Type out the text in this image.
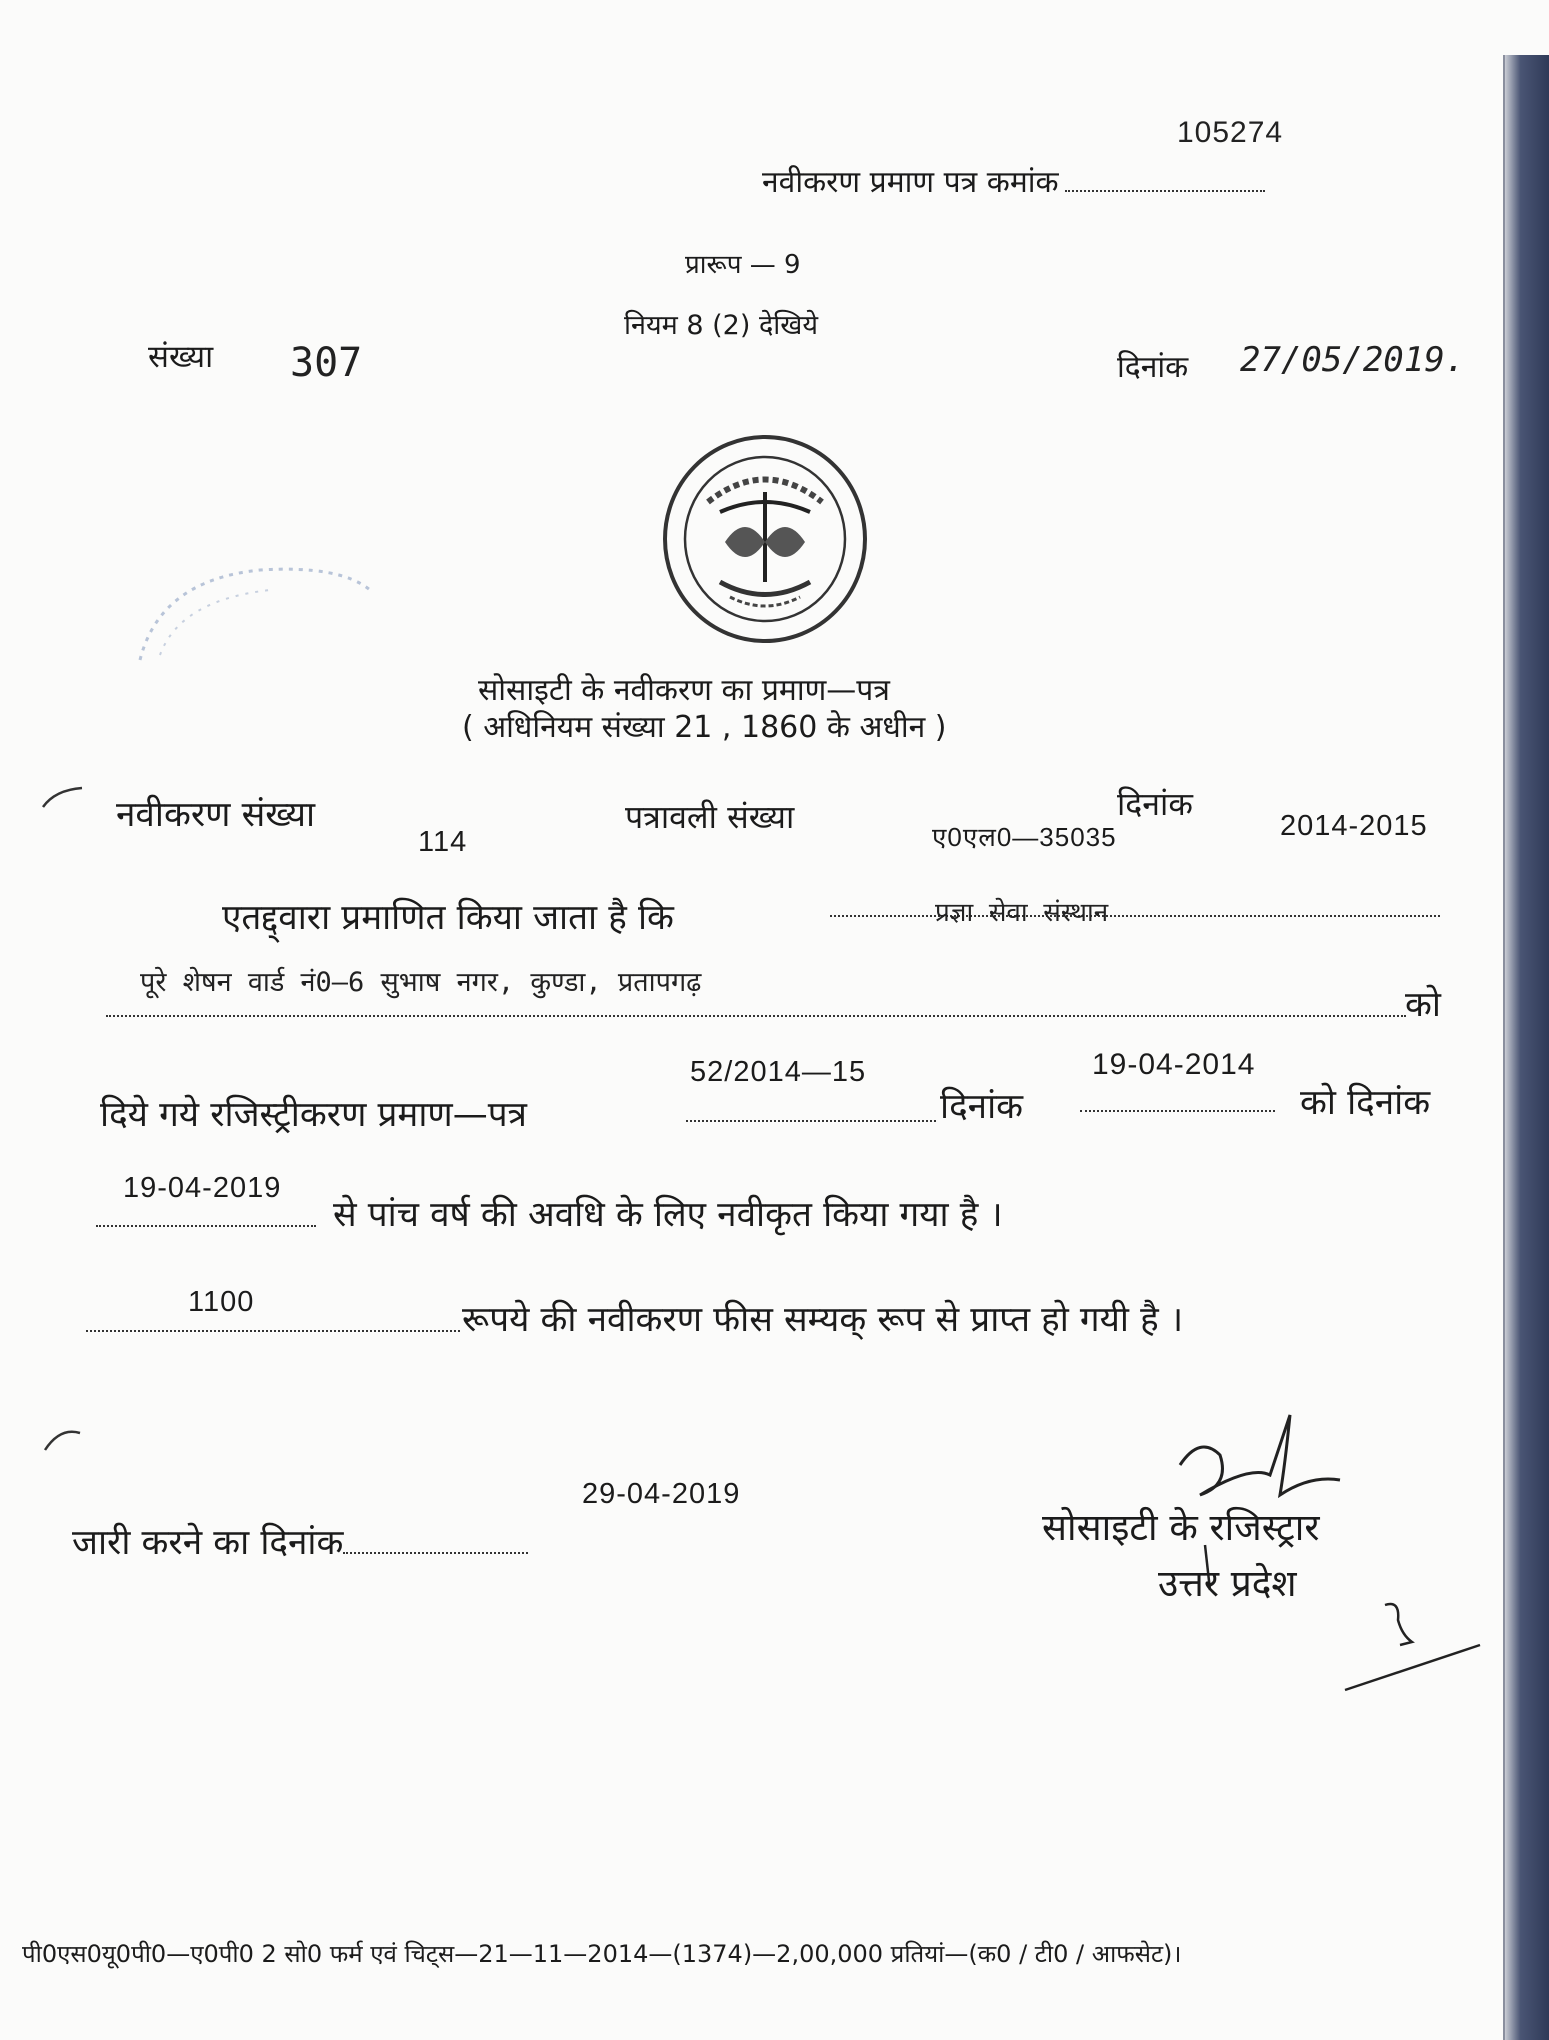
105274
नवीकरण प्रमाण पत्र कमांक
प्रारूप — 9
नियम 8 (2) देखिये
संख्या 307	दिनांक 27/05/2019.
सोसाइटी के नवीकरण का प्रमाण—पत्र
( अधिनियम संख्या 21 , 1860 के अधीन )
नवीकरण संख्या
114
पत्रावली संख्या
ए0एल0—35035
दिनांक
2014-2015
एतद्द्वारा प्रमाणित किया जाता है कि	प्रज्ञा सेवा संस्थान
पूरे शेषन वार्ड नं0—6 सुभाष नगर, कुण्डा, प्रतापगढ़
को
52/2014—15	19-04-2014
दिये गये रजिस्ट्रीकरण प्रमाण—पत्र	दिनांक	को दिनांक
19-04-2019
से पांच वर्ष की अवधि के लिए नवीकृत किया गया है ।
1100	रूपये की नवीकरण फीस सम्यक् रूप से प्राप्त हो गयी है ।
29-04-2019
जारी करने का दिनांक	सोसाइटी के रजिस्ट्रार
उत्तर प्रदेश
पी0एस0यू0पी0—ए0पी0 2 सो0 फर्म एवं चिट्स—21—11—2014—(1374)—2,00,000 प्रतियां—(क0 / टी0 / आफसेट)।
